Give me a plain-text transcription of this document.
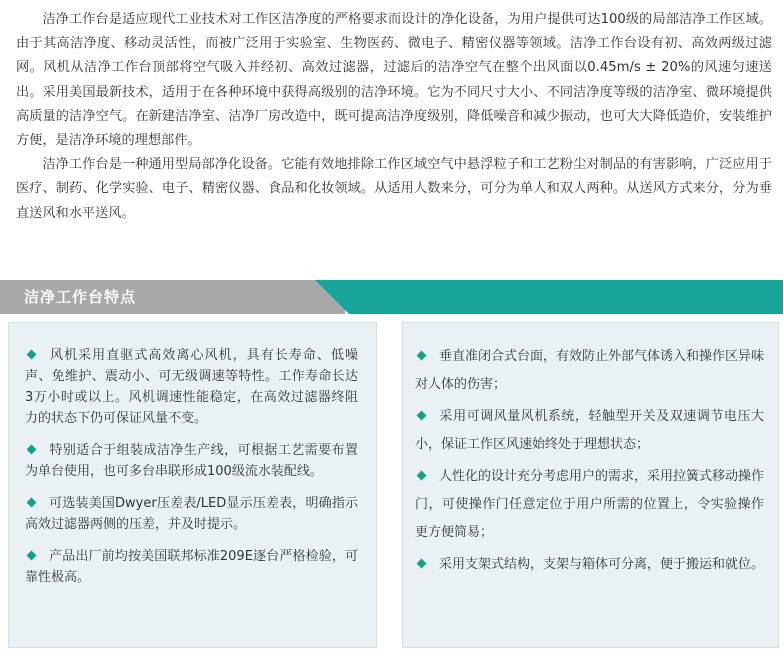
洁净工作台是适应现代工业技术对工作区洁净度的严格要求而设计的净化设备，为用户提供可达100级的局部洁净工作区域。由于其高洁净度、移动灵活性，而被广泛用于实验室、生物医药、微电子、精密仪器等领域。洁净工作台设有初、高效两级过滤网。风机从洁净工作台顶部将空气吸入并经初、高效过滤器，过滤后的洁净空气在整个出风面以0.45m/s ± 20%的风速匀速送出。采用美国最新技术，适用于在各种环境中获得高级别的洁净环境。它为不同尺寸大小、不同洁净度等级的洁净室、微环境提供高质量的洁净空气。在新建洁净室、洁净厂房改造中，既可提高洁净度级别，降低噪音和减少振动，也可大大降低造价，安装维护方便，是洁净环境的理想部件。

洁净工作台是一种通用型局部净化设备。它能有效地排除工作区域空气中悬浮粒子和工艺粉尘对制品的有害影响，广泛应用于医疗、制药、化学实验、电子、精密仪器、食品和化妆领域。从适用人数来分，可分为单人和双人两种。从送风方式来分，分为垂直送风和水平送风。

洁净工作台特点
风机采用直驱式高效离心风机，具有长寿命、低噪声、免维护、震动小、可无级调速等特性。工作寿命长达3万小时或以上。风机调速性能稳定，在高效过滤器终阻力的状态下仍可保证风量不变。
特别适合于组装成洁净生产线，可根据工艺需要布置为单台使用，也可多台串联形成100级流水装配线。
可选装美国Dwyer压差表/LED显示压差表，明确指示高效过滤器两侧的压差，并及时提示。
产品出厂前均按美国联邦标准209E逐台严格检验，可靠性极高。
垂直准闭合式台面，有效防止外部气体诱入和操作区异味对人体的伤害；
采用可调风量风机系统，轻触型开关及双速调节电压大小，保证工作区风速始终处于理想状态；
人性化的设计充分考虑用户的需求，采用拉簧式移动操作门，可使操作门任意定位于用户所需的位置上，令实验操作更方便简易；
采用支架式结构，支架与箱体可分离，便于搬运和就位。
